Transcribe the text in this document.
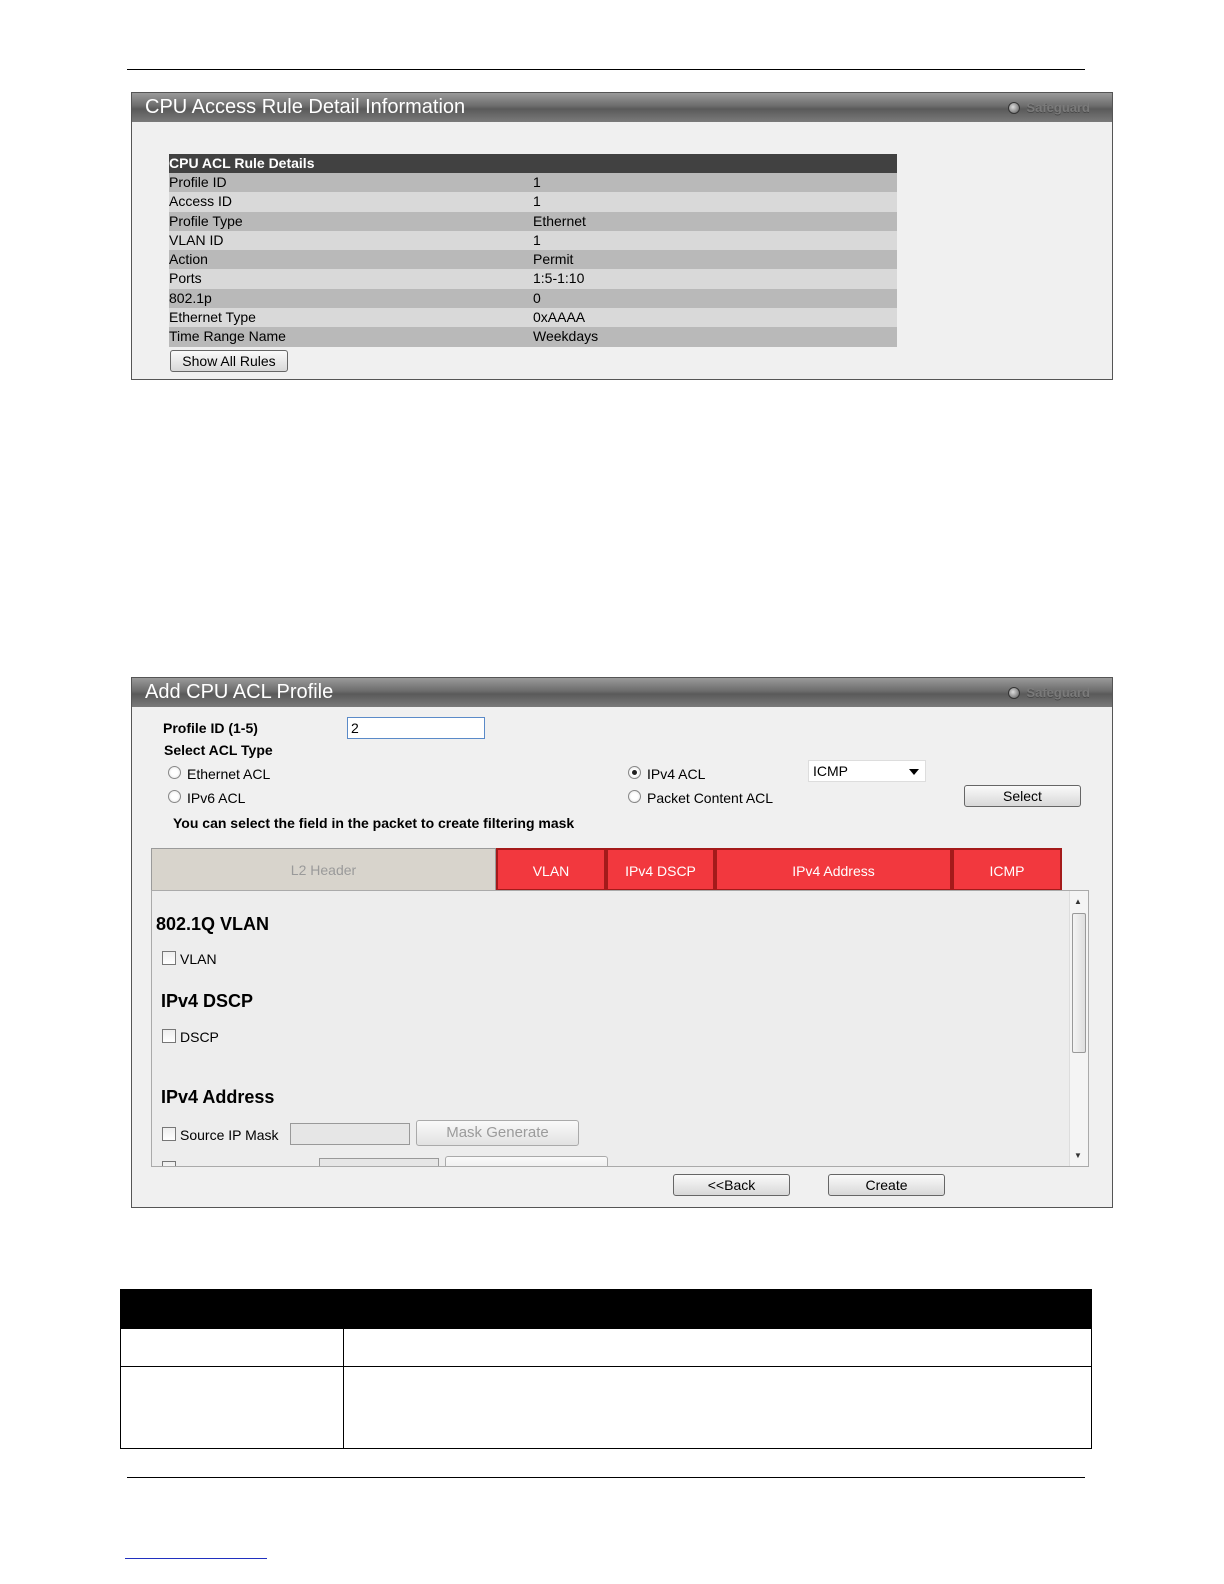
CPU Access Rule Detail Information	Safeguard
CPU ACL Rule Details
Profile ID	1
Access ID	1
Profile Type	Ethernet
VLAN ID	1
Action	Permit
Ports	1:5-1:10
802.1p	0
Ethernet Type	0xAAAA
Time Range Name	Weekdays
Show All Rules
Add CPU ACL Profile	Safeguard
Profile ID (1-5)
2
Select ACL Type
Ethernet ACL
IPv6 ACL
IPv4 ACL
Packet Content ACL
ICMP
Select
You can select the field in the packet to create filtering mask
L2 Header	VLAN	IPv4 DSCP	IPv4 Address	ICMP
802.1Q VLAN
VLAN
IPv4 DSCP
DSCP
IPv4 Address
Source IP Mask	Mask Generate
▲
▼
<<Back	Create
